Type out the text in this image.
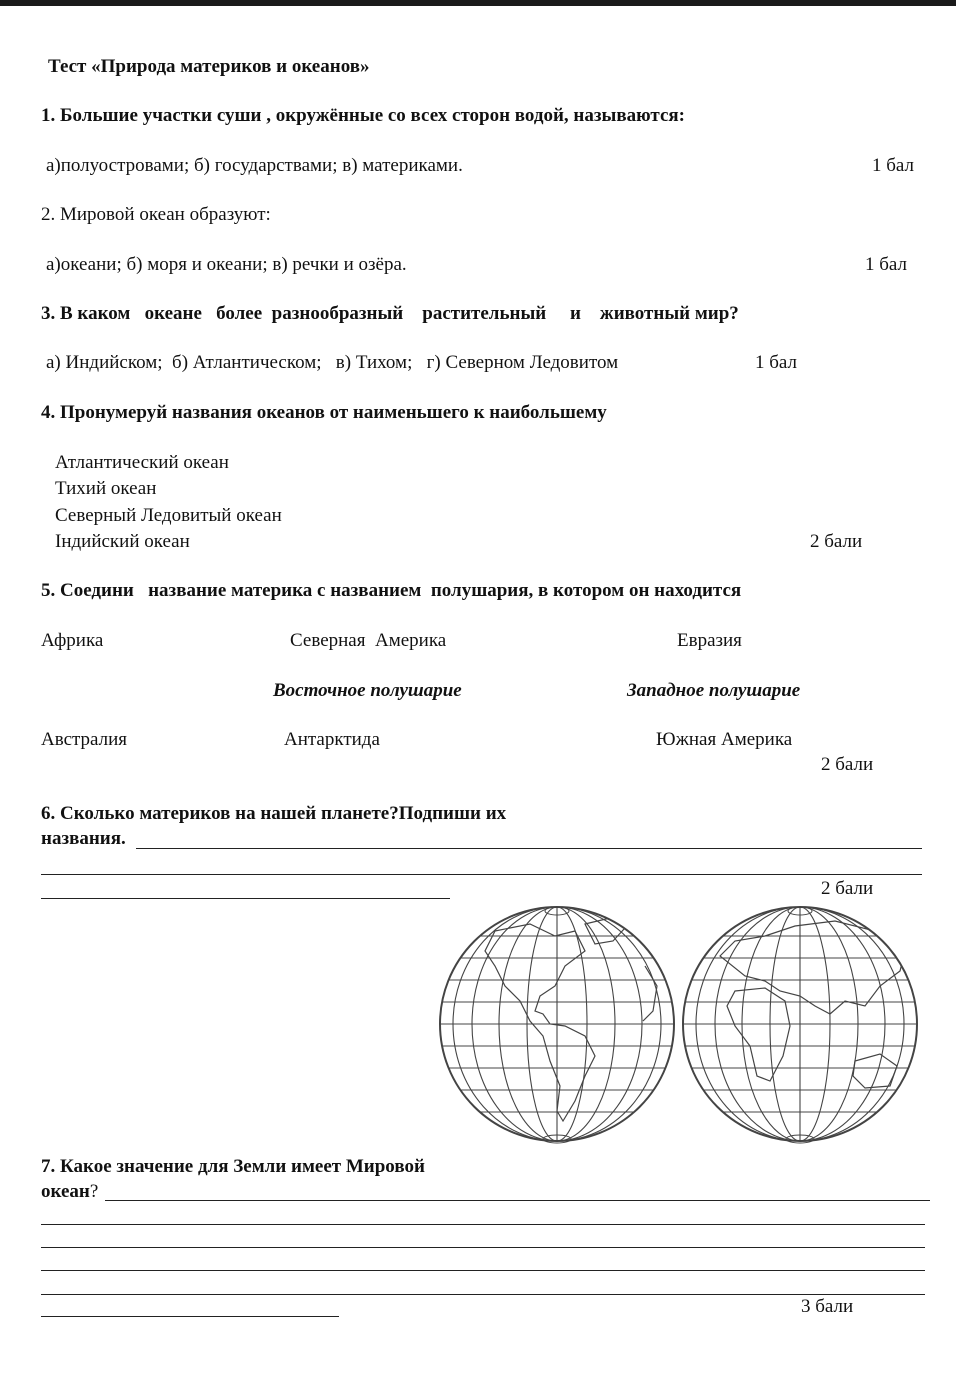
Тест «Природа материков и океанов»
1. Большие участки суши , окружённые со всех сторон водой, называются:
а)полуостровами; б) государствами; в) материками.	1 бал
2. Мировой океан образуют:
а)океани; б) моря и океани; в) речки и озёра.	1 бал
3. В каком   океане   более  разнообразный    растительный     и    животный мир?
а) Индийском;  б) Атлантическом;   в) Тихом;   г) Северном Ледовитом	1 бал
4. Пронумеруй названия океанов от наименьшего к наибольшему
Атлантический океан
Тихий океан
Северный Ледовитый океан
Індийский океан	2 бали
5. Соедини   название материка с названием  полушария, в котором он находится
Африка	Северная  Америка	Евразия
Восточное полушарие	Западное полушарие
Австралия	Антарктида	Южная Америка
2 бали
6. Сколько материков на нашей планете?Подпиши их
названия.
2 бали
7. Какое значение для Земли имеет Мировой
океан?
3 бали
